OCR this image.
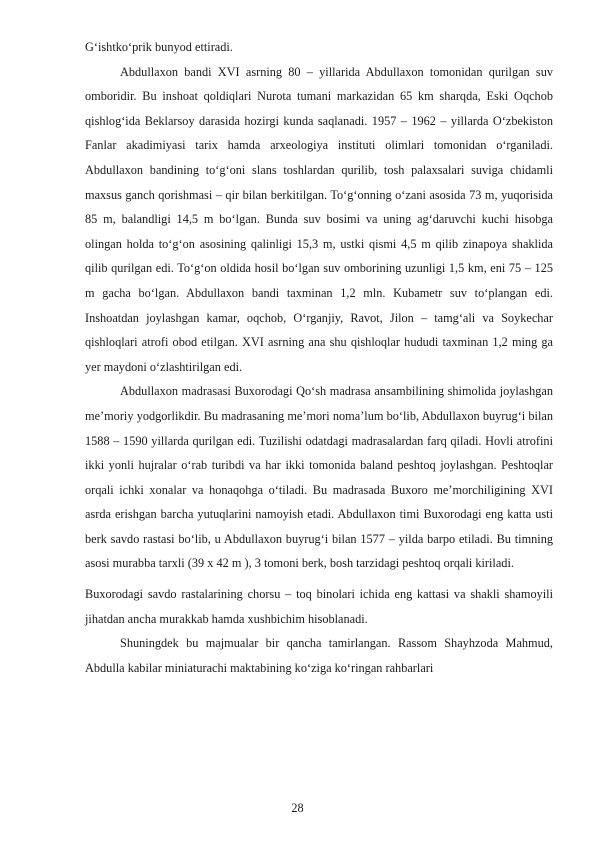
G‘ishtko‘prik bunyod ettiradi.

Abdullaxon bandi XVI asrning 80 – yillarida Abdullaxon tomonidan qurilgan suv omboridir. Bu inshoat qoldiqlari Nurota tumani markazidan 65 km sharqda, Eski Oqchob qishlog‘ida Beklarsoy darasida hozirgi kunda saqlanadi. 1957 – 1962 – yillarda O‘zbekiston Fanlar akadimiyasi tarix hamda arxeologiya instituti olimlari tomonidan o‘rganiladi. Abdullaxon bandining to‘g‘oni slans toshlardan qurilib, tosh palaxsalari suviga chidamli maxsus ganch qorishmasi – qir bilan berkitilgan. To‘g‘onning o‘zani asosida 73 m, yuqorisida 85 m, balandligi 14,5 m bo‘lgan. Bunda suv bosimi va uning ag‘daruvchi kuchi hisobga olingan holda to‘g‘on asosining qalinligi 15,3 m, ustki qismi 4,5 m qilib zinapoya shaklida qilib qurilgan edi. To‘g‘on oldida hosil bo‘lgan suv omborining uzunligi 1,5 km, eni 75 – 125 m gacha bo‘lgan. Abdullaxon bandi taxminan 1,2 mln. Kubametr suv to‘plangan edi. Inshoatdan joylashgan kamar, oqchob, O‘rganjiy, Ravot, Jilon – tamg‘ali va Soykechar qishloqlari atrofi obod etilgan. XVI asrning ana shu qishloqlar hududi taxminan 1,2 ming ga yer maydoni o‘zlashtirilgan edi.

Abdullaxon madrasasi Buxorodagi Qo‘sh madrasa ansambilining shimolida joylashgan me’moriy yodgorlikdir. Bu madrasaning me’mori noma’lum bo‘lib, Abdullaxon buyrug‘i bilan 1588 – 1590 yillarda qurilgan edi. Tuzilishi odatdagi madrasalardan farq qiladi. Hovli atrofini ikki yonli hujralar o‘rab turibdi va har ikki tomonida baland peshtoq joylashgan. Peshtoqlar orqali ichki xonalar va honaqohga o‘tiladi. Bu madrasada Buxoro me’morchiligining XVI asrda erishgan barcha yutuqlarini namoyish etadi. Abdullaxon timi Buxorodagi eng katta usti berk savdo rastasi bo‘lib, u Abdullaxon buyrug‘i bilan 1577 – yilda barpo etiladi. Bu timning asosi murabba tarxli (39 x 42 m ), 3 tomoni berk, bosh tarzidagi peshtoq orqali kiriladi.

Buxorodagi savdo rastalarining chorsu – toq binolari ichida eng kattasi va shakli shamoyili jihatdan ancha murakkab hamda xushbichim hisoblanadi.

Shuningdek bu majmualar bir qancha tamirlangan. Rassom Shayhzoda Mahmud, Abdulla kabilar miniaturachi maktabining ko‘ziga ko‘ringan rahbarlari

28
